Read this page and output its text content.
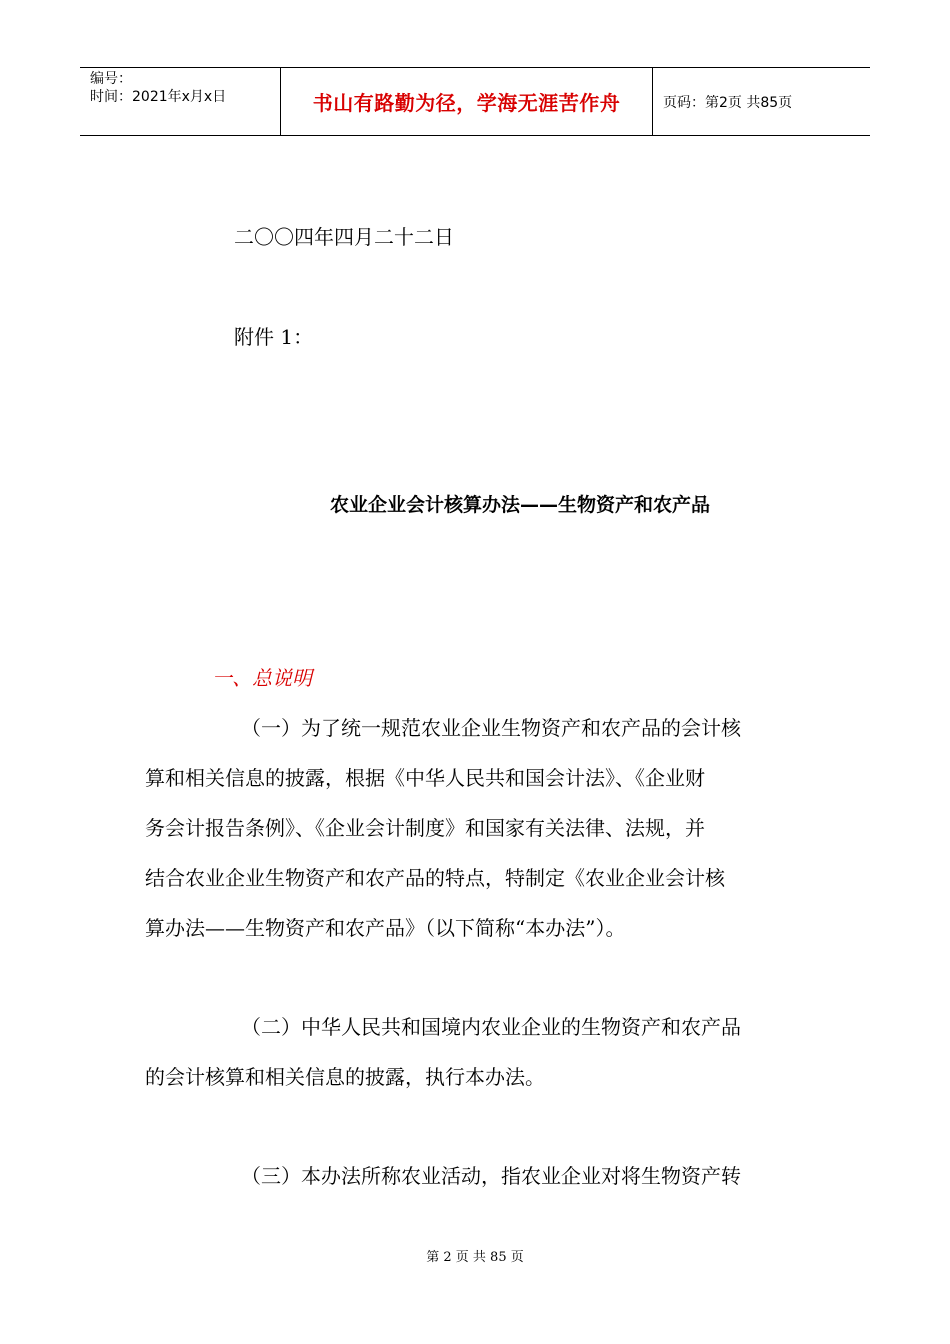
编号：
时间：2021年x月x日	书山有路勤为径，学海无涯苦作舟	页码：第2页 共85页
二〇〇四年四月二十二日
附件 1：
农业企业会计核算办法——生物资产和农产品
一、总说明
（一）为了统一规范农业企业生物资产和农产品的会计核
算和相关信息的披露，根据《中华人民共和国会计法》、《企业财
务会计报告条例》、《企业会计制度》和国家有关法律、法规，并
结合农业企业生物资产和农产品的特点，特制定《农业企业会计核
算办法——生物资产和农产品》（以下简称“本办法”）。
（二）中华人民共和国境内农业企业的生物资产和农产品
的会计核算和相关信息的披露，执行本办法。
（三）本办法所称农业活动，指农业企业对将生物资产转
第 2 页 共 85 页
